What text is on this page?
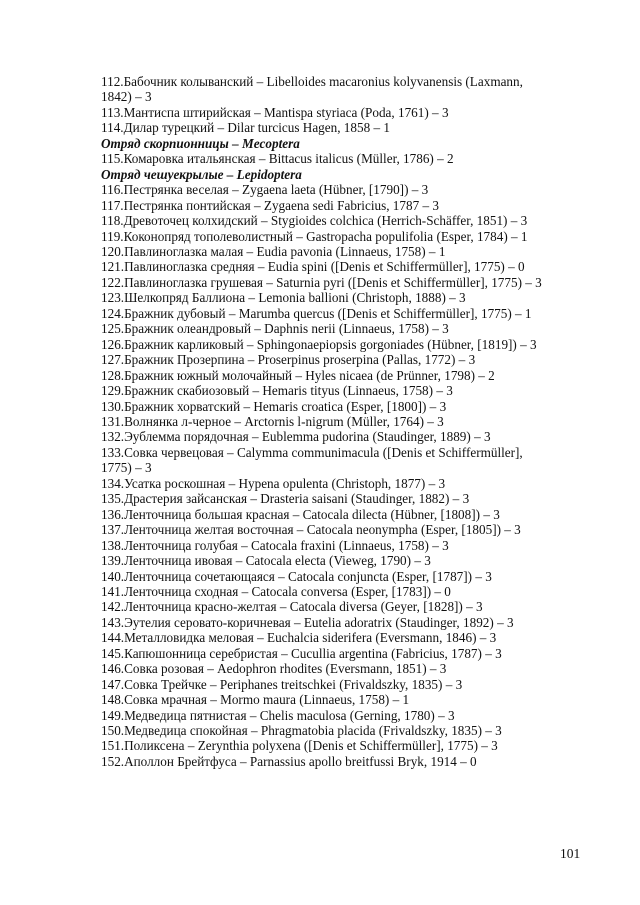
112.Бабочник колыванский – Libelloides macaronius kolyvanensis (Laxmann,

1842) – 3

113.Мантиспа штирийская – Mantispa styriaca (Poda, 1761) – 3

114.Дилар турецкий – Dilar turcicus Hagen, 1858 – 1

Отряд скорпионницы – Mecoptera

115.Комаровка итальянская – Bittacus italicus (Müller, 1786) – 2

Отряд чешуекрылые – Lepidoptera

116.Пестрянка веселая – Zygaena laeta (Hübner, [1790]) – 3

117.Пестрянка понтийская – Zygaena sedi Fabricius, 1787 – 3

118.Древоточец колхидский – Stygioides colchica (Herrich-Schäffer, 1851) – 3

119.Коконопряд тополеволистный – Gastropacha populifolia (Esper, 1784) – 1

120.Павлиноглазка малая – Eudia pavonia (Linnaeus, 1758) – 1

121.Павлиноглазка средняя – Eudia spini ([Denis et Schiffermüller], 1775) – 0

122.Павлиноглазка грушевая – Saturnia pyri ([Denis et Schiffermüller], 1775) – 3

123.Шелкопряд Баллиона – Lemonia ballioni (Christoph, 1888) – 3

124.Бражник дубовый – Marumba quercus ([Denis et Schiffermüller], 1775) – 1

125.Бражник олеандровый – Daphnis nerii (Linnaeus, 1758) – 3

126.Бражник карликовый – Sphingonaepiopsis gorgoniades (Hübner, [1819]) – 3

127.Бражник Прозерпина – Proserpinus proserpina (Pallas, 1772) – 3

128.Бражник южный молочайный – Hyles nicaea (de Prünner, 1798) – 2

129.Бражник скабиозовый – Hemaris tityus (Linnaeus, 1758) – 3

130.Бражник хорватский – Hemaris croatica (Esper, [1800]) – 3

131.Волнянка л-черное – Arctornis l-nigrum (Müller, 1764) – 3

132.Эублемма порядочная – Eublemma pudorina (Staudinger, 1889) – 3

133.Совка червецовая – Calymma communimacula ([Denis et Schiffermüller],

1775) – 3

134.Усатка роскошная – Hypena opulenta (Christoph, 1877) – 3

135.Драстерия зайсанская – Drasteria saisani (Staudinger, 1882) – 3

136.Ленточница большая красная – Catocala dilecta (Hübner, [1808]) – 3

137.Ленточница желтая восточная – Catocala neonympha (Esper, [1805]) – 3

138.Ленточница голубая – Catocala fraxini (Linnaeus, 1758) – 3

139.Ленточница ивовая – Catocala electa (Vieweg, 1790) – 3

140.Ленточница сочетающаяся – Catocala conjuncta (Esper, [1787]) – 3

141.Ленточница сходная – Catocala conversa (Esper, [1783]) – 0

142.Ленточница красно-желтая – Catocala diversa (Geyer, [1828]) – 3

143.Эутелия серовато-коричневая – Eutelia adoratrix (Staudinger, 1892) – 3

144.Металловидка меловая – Euchalcia siderifera (Eversmann, 1846) – 3

145.Капюшонница серебристая – Cucullia argentina (Fabricius, 1787) – 3

146.Совка розовая – Aedophron rhodites (Eversmann, 1851) – 3

147.Совка Трейчке – Periphanes treitschkei (Frivaldszky, 1835) – 3

148.Совка мрачная – Mormo maura (Linnaeus, 1758) – 1

149.Медведица пятнистая – Chelis maculosa (Gerning, 1780) – 3

150.Медведица спокойная – Phragmatobia placida (Frivaldszky, 1835) – 3

151.Поликсена – Zerynthia polyxena ([Denis et Schiffermüller], 1775) – 3

152.Аполлон Брейтфуса – Parnassius apollo breitfussi Bryk, 1914 – 0

101
